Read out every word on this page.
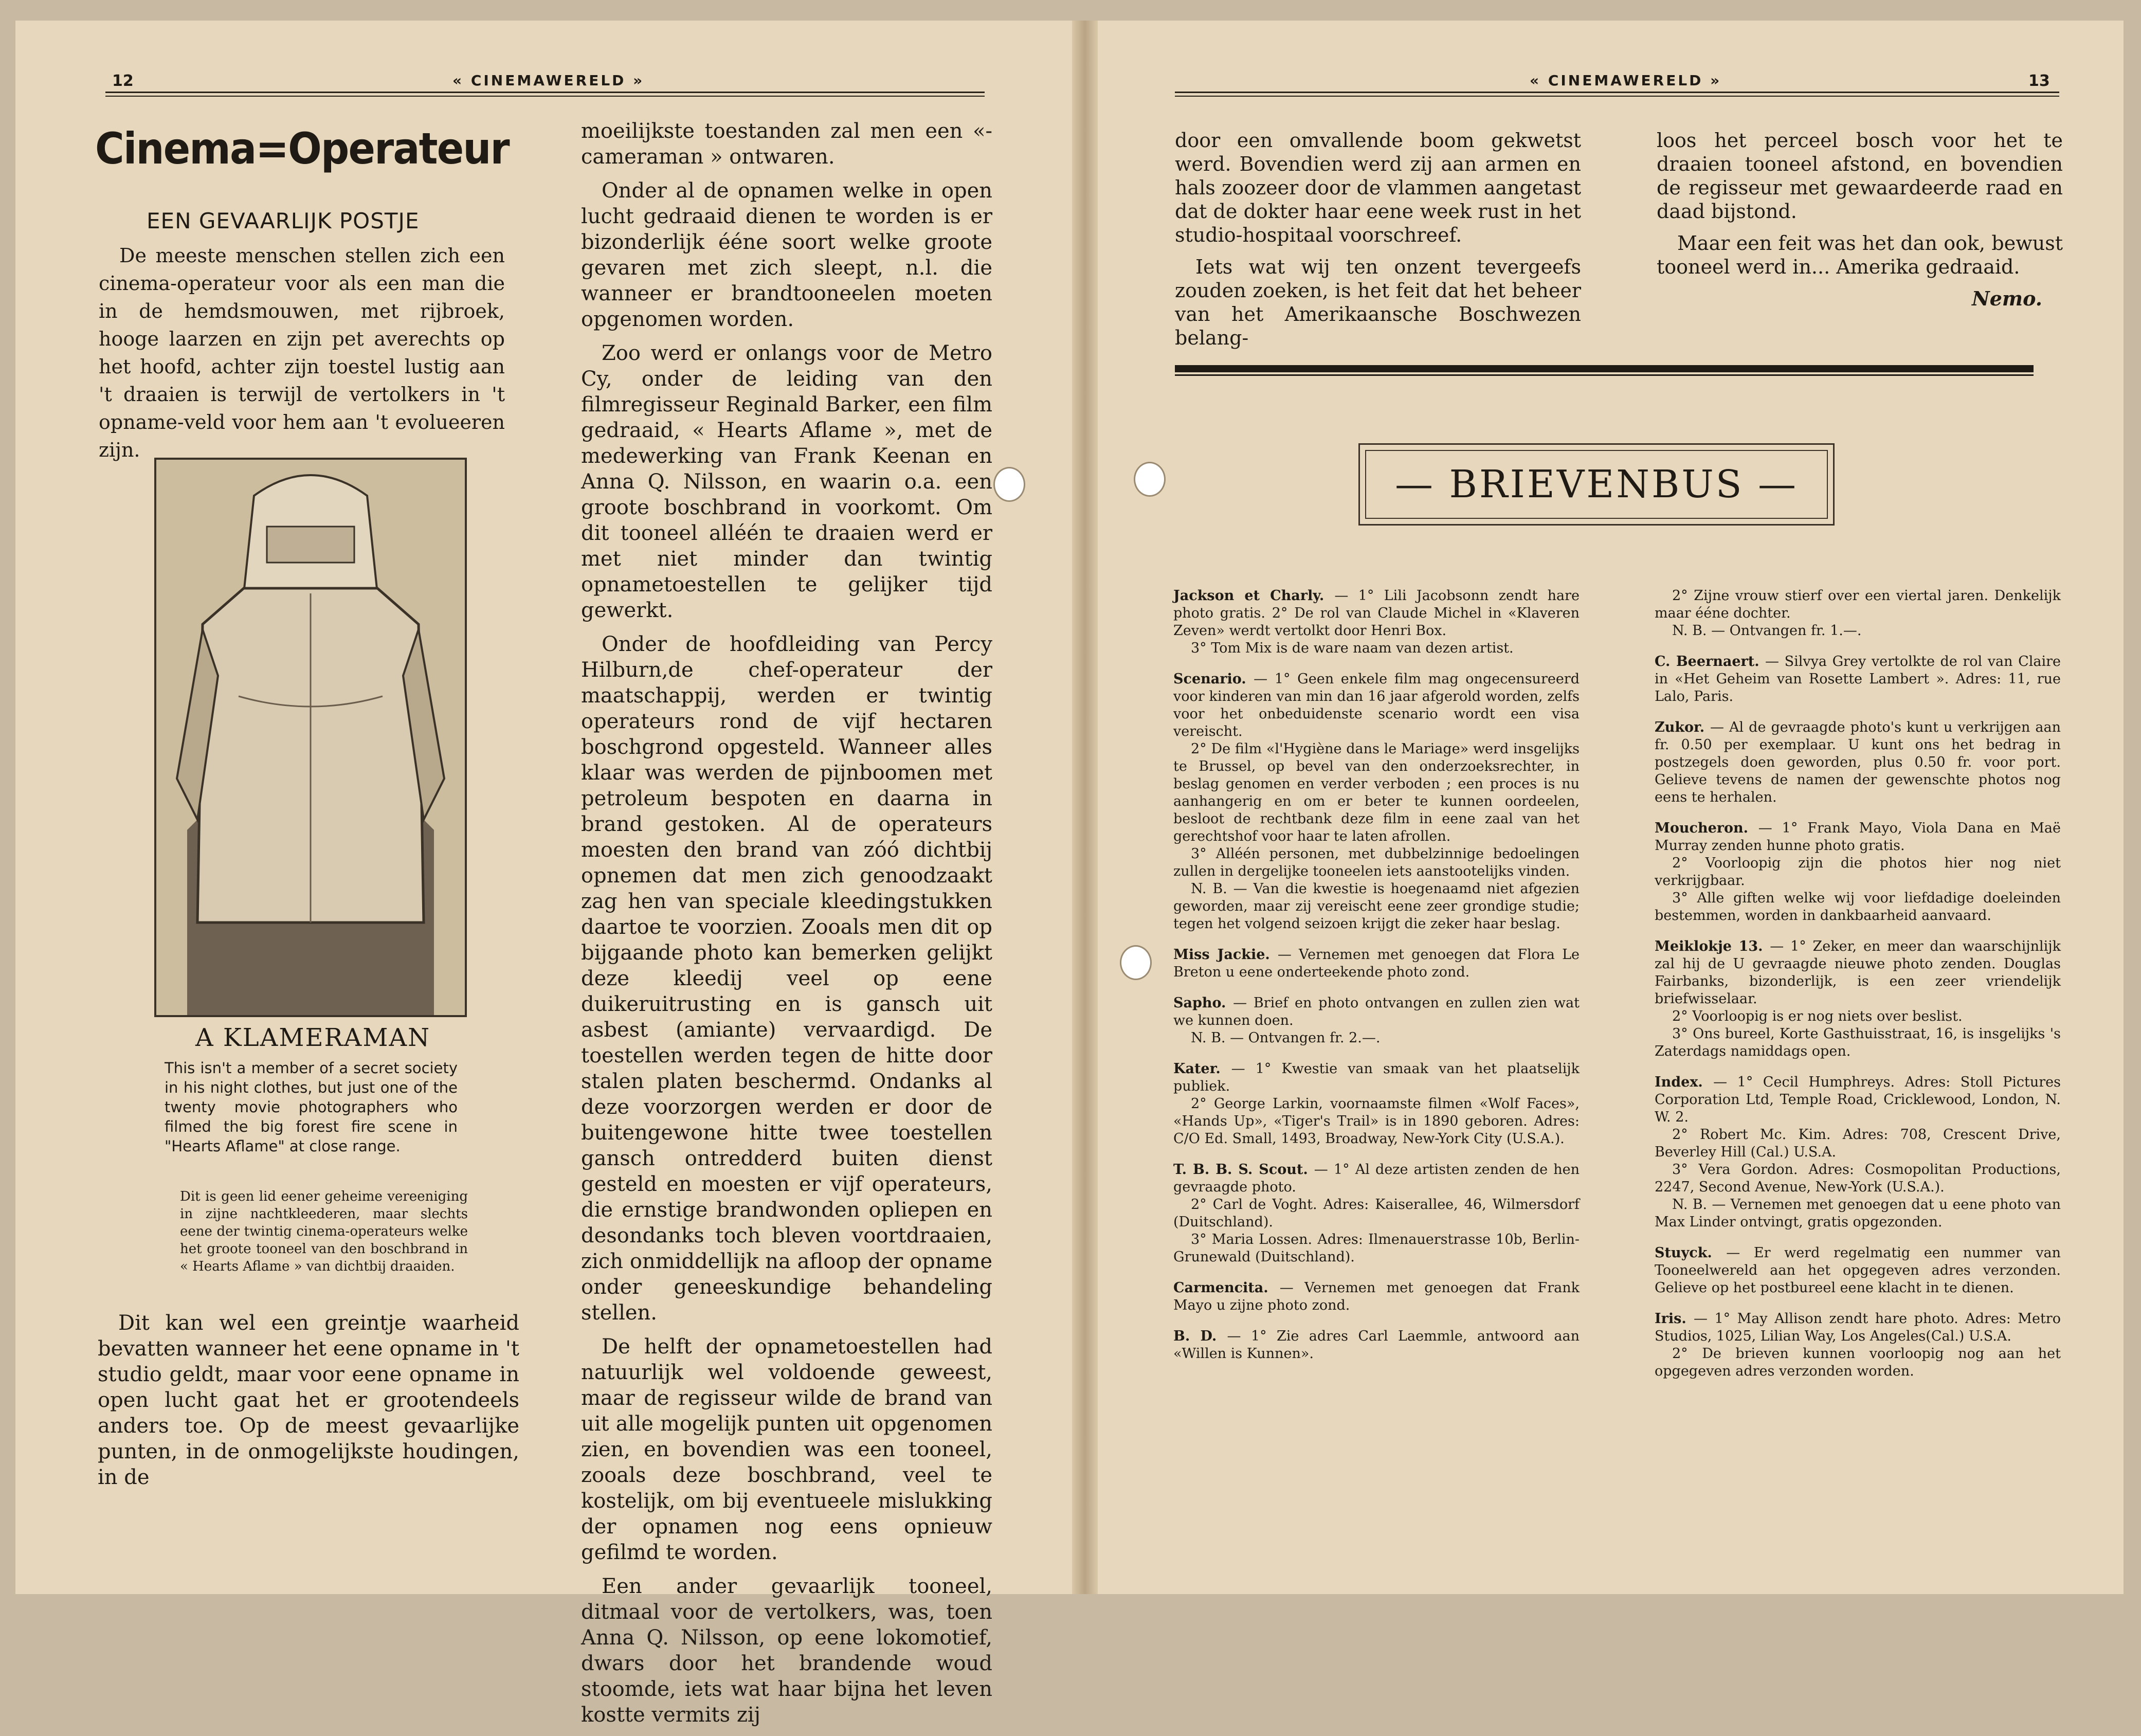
12	« CINEMAWERELD »
Cinema=Operateur
EEN GEVAARLIJK POSTJE

De meeste menschen stellen zich een cinema-operateur voor als een man die in de hemdsmouwen, met rijbroek, hooge laarzen en zijn pet averechts op het hoofd, achter zijn toestel lustig aan 't draaien is terwijl de vertolkers in 't opname-veld voor hem aan 't evolueeren zijn.

A KLAMERAMAN
This isn't a member of a secret society in his night clothes, but just one of the twenty movie photographers who filmed the big forest fire scene in "Hearts Aflame" at close range.
Dit is geen lid eener geheime vereeniging in zijne nachtkleederen, maar slechts eene der twintig cinema-operateurs welke het groote tooneel van den boschbrand in « Hearts Aflame » van dichtbij draaiden.

Dit kan wel een greintje waarheid bevatten wanneer het eene opname in 't studio geldt, maar voor eene opname in open lucht gaat het er grootendeels anders toe. Op de meest gevaarlijke punten, in de onmogelijkste houdingen, in de

moeilijkste toestanden zal men een «-cameraman » ontwaren.

Onder al de opnamen welke in open lucht gedraaid dienen te worden is er bizonderlijk ééne soort welke groote gevaren met zich sleept, n.l. die wanneer er brandtooneelen moeten opgenomen worden.

Zoo werd er onlangs voor de Metro Cy, onder de leiding van den filmregisseur Reginald Barker, een film gedraaid, « Hearts Aflame », met de medewerking van Frank Keenan en Anna Q. Nilsson, en waarin o.a. een groote boschbrand in voorkomt. Om dit tooneel alléén te draaien werd er met niet minder dan twintig opnametoestellen te gelijker tijd gewerkt.

Onder de hoofdleiding van Percy Hilburn,de chef-operateur der maatschappij, werden er twintig operateurs rond de vijf hectaren boschgrond opgesteld. Wanneer alles klaar was werden de pijnboomen met petroleum bespoten en daarna in brand gestoken. Al de operateurs moesten den brand van zóó dichtbij opnemen dat men zich genoodzaakt zag hen van speciale kleedingstukken daartoe te voorzien. Zooals men dit op bijgaande photo kan bemerken gelijkt deze kleedij veel op eene duikeruitrusting en is gansch uit asbest (amiante) vervaardigd. De toestellen werden tegen de hitte door stalen platen beschermd. Ondanks al deze voorzorgen werden er door de buitengewone hitte twee toestellen gansch ontredderd buiten dienst gesteld en moesten er vijf operateurs, die ernstige brandwonden opliepen en desondanks toch bleven voortdraaien, zich onmiddellijk na afloop der opname onder geneeskundige behandeling stellen.

De helft der opnametoestellen had natuurlijk wel voldoende geweest, maar de regisseur wilde de brand van uit alle mogelijk punten uit opgenomen zien, en bovendien was een tooneel, zooals deze boschbrand, veel te kostelijk, om bij eventueele mislukking der opnamen nog eens opnieuw gefilmd te worden.

Een ander gevaarlijk tooneel, ditmaal voor de vertolkers, was, toen Anna Q. Nilsson, op eene lokomotief, dwars door het brandende woud stoomde, iets wat haar bijna het leven kostte vermits zij

« CINEMAWERELD »	13

door een omvallende boom gekwetst werd. Bovendien werd zij aan armen en hals zoozeer door de vlammen aangetast dat de dokter haar eene week rust in het studio-hospitaal voorschreef.

Iets wat wij ten onzent tevergeefs zouden zoeken, is het feit dat het beheer van het Amerikaansche Boschwezen belang-

loos het perceel bosch voor het te draaien tooneel afstond, en bovendien de regisseur met gewaardeerde raad en daad bijstond.

Maar een feit was het dan ook, bewust tooneel werd in... Amerika gedraaid.

Nemo.
— BRIEVENBUS —

Jackson et Charly. — 1° Lili Jacobsonn zendt hare photo gratis. 2° De rol van Claude Michel in «Klaveren Zeven» werdt vertolkt door Henri Box.

3° Tom Mix is de ware naam van dezen artist.

Scenario. — 1° Geen enkele film mag ongecensureerd voor kinderen van min dan 16 jaar afgerold worden, zelfs voor het onbeduidenste scenario wordt een visa vereischt.

2° De film «l'Hygiène dans le Mariage» werd insgelijks te Brussel, op bevel van den onderzoeksrechter, in beslag genomen en verder verboden ; een proces is nu aanhangerig en om er beter te kunnen oordeelen, besloot de rechtbank deze film in eene zaal van het gerechtshof voor haar te laten afrollen.

3° Alléén personen, met dubbelzinnige bedoelingen zullen in dergelijke tooneelen iets aanstootelijks vinden.

N. B. — Van die kwestie is hoegenaamd niet afgezien geworden, maar zij vereischt eene zeer grondige studie; tegen het volgend seizoen krijgt die zeker haar beslag.

Miss Jackie. — Vernemen met genoegen dat Flora Le Breton u eene onderteekende photo zond.

Sapho. — Brief en photo ontvangen en zullen zien wat we kunnen doen.

N. B. — Ontvangen fr. 2.—.

Kater. — 1° Kwestie van smaak van het plaatselijk publiek.

2° George Larkin, voornaamste filmen «Wolf Faces», «Hands Up», «Tiger's Trail» is in 1890 geboren. Adres: C/O Ed. Small, 1493, Broadway, New-York City (U.S.A.).

T. B. B. S. Scout. — 1° Al deze artisten zenden de hen gevraagde photo.

2° Carl de Voght. Adres: Kaiserallee, 46, Wilmersdorf (Duitschland).

3° Maria Lossen. Adres: Ilmenauerstrasse 10b, Berlin-Grunewald (Duitschland).

Carmencita. — Vernemen met genoegen dat Frank Mayo u zijne photo zond.

B. D. — 1° Zie adres Carl Laemmle, antwoord aan «Willen is Kunnen».

2° Zijne vrouw stierf over een viertal jaren. Denkelijk maar ééne dochter.

N. B. — Ontvangen fr. 1.—.

C. Beernaert. — Silvya Grey vertolkte de rol van Claire in «Het Geheim van Rosette Lambert ». Adres: 11, rue Lalo, Paris.

Zukor. — Al de gevraagde photo's kunt u verkrijgen aan fr. 0.50 per exemplaar. U kunt ons het bedrag in postzegels doen geworden, plus 0.50 fr. voor port. Gelieve tevens de namen der gewenschte photos nog eens te herhalen.

Moucheron. — 1° Frank Mayo, Viola Dana en Maë Murray zenden hunne photo gratis.

2° Voorloopig zijn die photos hier nog niet verkrijgbaar.

3° Alle giften welke wij voor liefdadige doeleinden bestemmen, worden in dankbaarheid aanvaard.

Meiklokje 13. — 1° Zeker, en meer dan waarschijnlijk zal hij de U gevraagde nieuwe photo zenden. Douglas Fairbanks, bizonderlijk, is een zeer vriendelijk briefwisselaar.

2° Voorloopig is er nog niets over beslist.

3° Ons bureel, Korte Gasthuisstraat, 16, is insgelijks 's Zaterdags namiddags open.

Index. — 1° Cecil Humphreys. Adres: Stoll Pictures Corporation Ltd, Temple Road, Cricklewood, London, N. W. 2.

2° Robert Mc. Kim. Adres: 708, Crescent Drive, Beverley Hill (Cal.) U.S.A.

3° Vera Gordon. Adres: Cosmopolitan Productions, 2247, Second Avenue, New-York (U.S.A.).

N. B. — Vernemen met genoegen dat u eene photo van Max Linder ontvingt, gratis opgezonden.

Stuyck. — Er werd regelmatig een nummer van Tooneelwereld aan het opgegeven adres verzonden. Gelieve op het postbureel eene klacht in te dienen.

Iris. — 1° May Allison zendt hare photo. Adres: Metro Studios, 1025, Lilian Way, Los Angeles(Cal.) U.S.A.

2° De brieven kunnen voorloopig nog aan het opgegeven adres verzonden worden.
